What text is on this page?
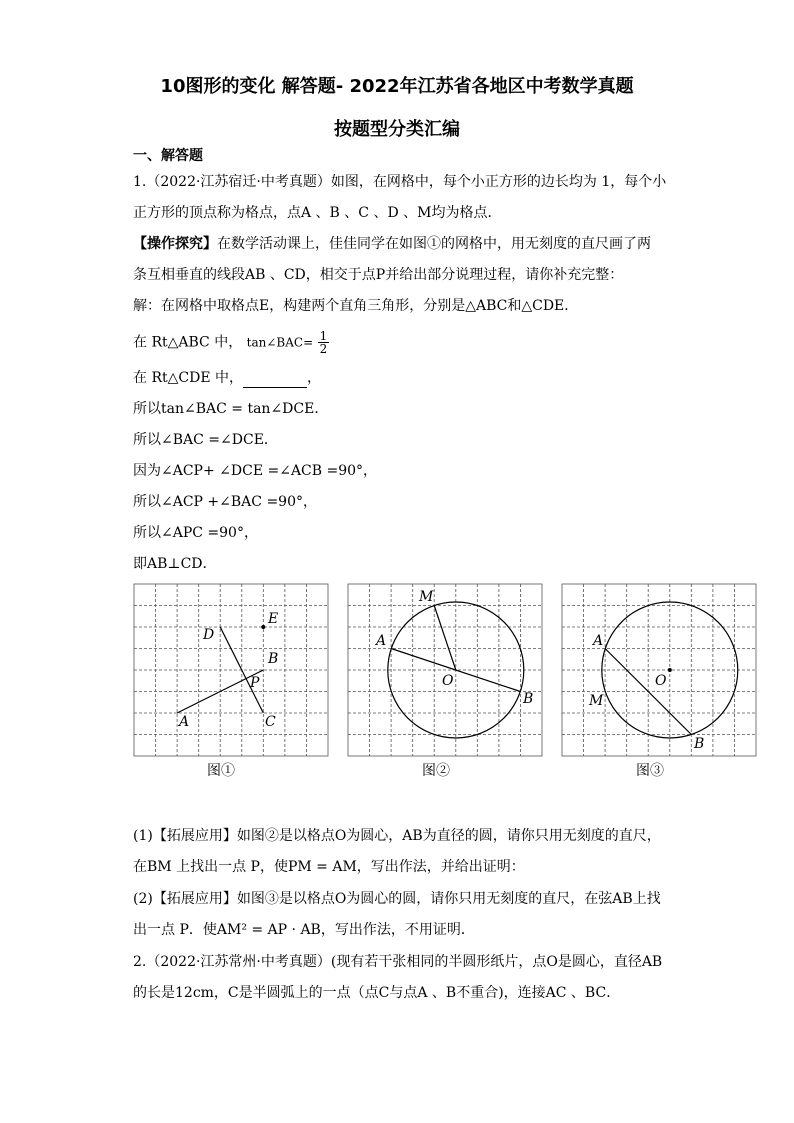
10图形的变化 解答题- 2022年江苏省各地区中考数学真题
按题型分类汇编
一、解答题
1.（2022·江苏宿迁·中考真题）如图，在网格中，每个小正方形的边长均为 1，每个小
正方形的顶点称为格点，点A 、B 、C 、D 、M均为格点．
【操作探究】在数学活动课上，佳佳同学在如图①的网格中，用无刻度的直尺画了两
条互相垂直的线段AB 、CD，相交于点P并给出部分说理过程，请你补充完整：
解：在网格中取格点E，构建两个直角三角形，分别是△ABC和△CDE．
在 Rt△ABC 中， tan∠BAC= $\frac{1}{2}$
在 Rt△CDE 中，	，
所以tan∠BAC = tan∠DCE．
所以∠BAC =∠DCE．
因为∠ACP+ ∠DCE =∠ACB =90°，
所以∠ACP +∠BAC =90°，
所以∠APC =90°，
即AB⊥CD．
E
D
B
P
A	C
图①
M
A
O
B
图②
A
O
M
B
图③
(1)【拓展应用】如图②是以格点O为圆心，AB为直径的圆，请你只用无刻度的直尺，
在BM 上找出一点 P，使PM = AM，写出作法，并给出证明：
(2)【拓展应用】如图③是以格点O为圆心的圆，请你只用无刻度的直尺，在弦AB上找
出一点 P．使AM² = AP · AB，写出作法，不用证明．
2.（2022·江苏常州·中考真题）(现有若干张相同的半圆形纸片，点O是圆心，直径AB
的长是12cm，C是半圆弧上的一点（点C与点A 、B不重合)，连接AC 、BC．
